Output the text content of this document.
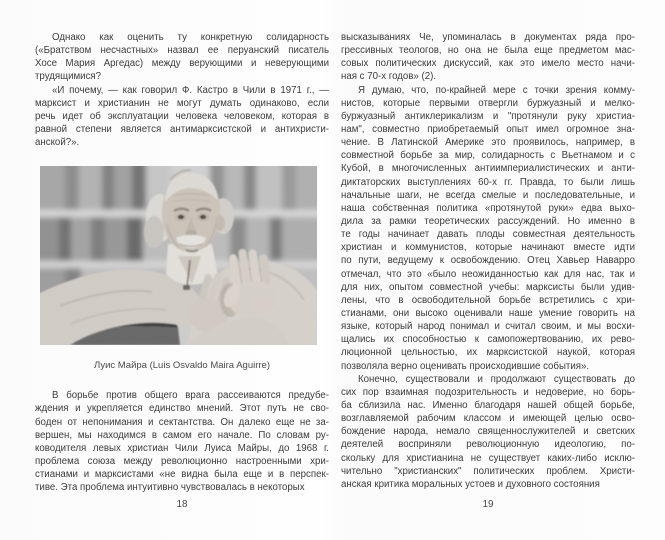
Однако как оценить ту конкретную солидарность
(«Братством несчастных» назвал ее перуанский писатель
Хосе Мария Аргедас) между верующими и неверующими
трудящимися?
«И почему, — как говорил Ф. Кастро в Чили в 1971 г., —
марксист и христианин не могут думать одинаково, если
речь идет об эксплуатации человека человеком, которая в
равной степени является антимарксистской и антихристи-
анской?».
Луис Майра (Luis Osvaldo Maira Aguirre)
В борьбе против общего врага рассеиваются предубе-
ждения и укрепляется единство мнений. Этот путь не сво-
боден от непонимания и сектантства. Он далеко еще не за-
вершен, мы находимся в самом его начале. По словам ру-
ководителя левых христиан Чили Луиса Майры, до 1968 г.
проблема союза между революционно настроенными хри-
стианами и марксистами «не видна была еще и в перспек-
тиве. Эта проблема интуитивно чувствовалась в некоторых
высказываниях Че, упоминалась в документах ряда про-
грессивных теологов, но она не была еще предметом мас-
совых политических дискуссий, как это имело место начи-
ная с 70-х годов» (2).
Я думаю, что, по-крайней мере с точки зрения комму-
нистов, которые первыми отвергли буржуазный и мелко-
буржуазный антиклерикализм и "протянули руку христиа-
нам", совместно приобретаемый опыт имел огромное зна-
чение. В Латинской Америке это проявилось, например, в
совместной борьбе за мир, солидарность с Вьетнамом и с
Кубой, в многочисленных антиимпериалистических и анти-
диктаторских выступлениях 60-х гг. Правда, то были лишь
начальные шаги, не всегда смелые и последовательные, и
наша собственная политика «протянутой руки» едва выхо-
дила за рамки теоретических рассуждений. Но именно в
те годы начинает давать плоды совместная деятельность
христиан и коммунистов, которые начинают вместе идти
по пути, ведущему к освобождению. Отец Хавьер Наварро
отмечал, что это «было неожиданностью как для нас, так и
для них, опытом совместной учебы: марксисты были удив-
лены, что в освободительной борьбе встретились с хри-
стианами, они высоко оценивали наше умение говорить на
языке, который народ понимал и считал своим, и мы восхи-
щались их способностью к самопожертвованию, их рево-
люционной цельностью, их марксистской наукой, которая
позволяла верно оценивать происходившие события».
Конечно, существовали и продолжают существовать до
сих пор взаимная подозрительность и недоверие, но борь-
ба сблизила нас. Именно благодаря нашей общей борьбе,
возглавляемой рабочим классом и имеющей целью осво-
бождение народа, немало священнослужителей и светских
деятелей восприняли революционную идеологию, по-
скольку для христианина не существует каких-либо исклю-
чительно "христианских" политических проблем. Христи-
анская критика моральных устоев и духовного состояния
18	19
